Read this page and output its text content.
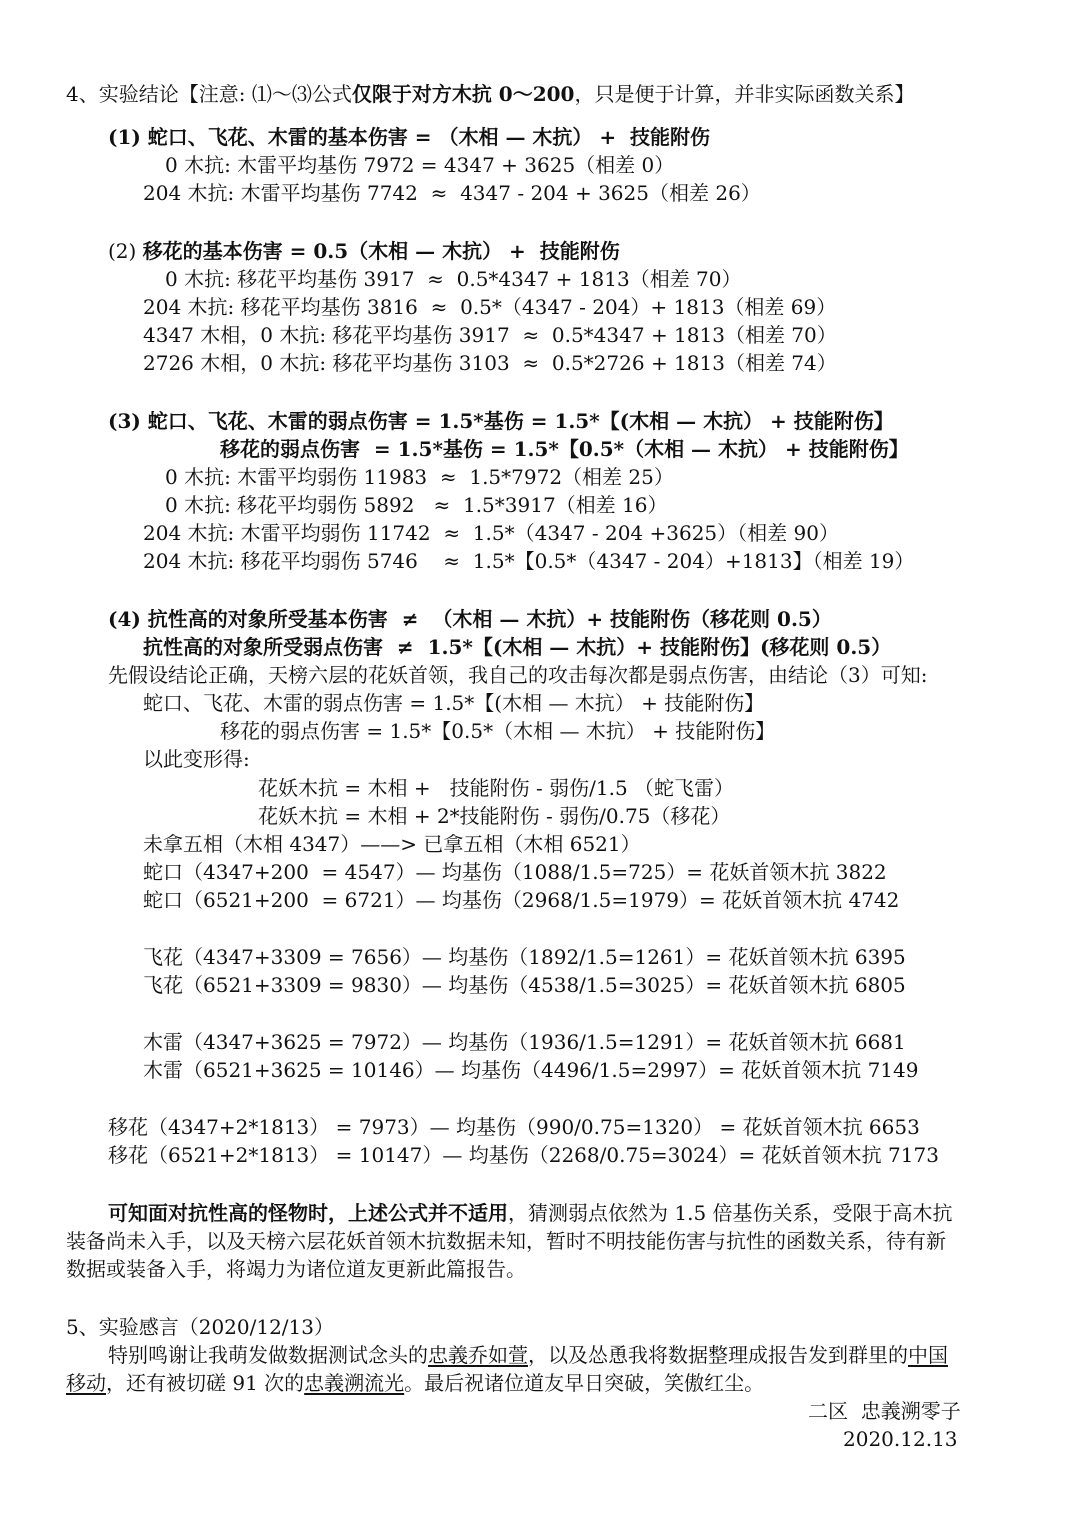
4、实验结论【注意: ⑴～⑶公式仅限于对方木抗 0～200，只是便于计算，并非实际函数关系】
(1) 蛇口、飞花、木雷的基本伤害 = （木相 — 木抗） +  技能附伤
0 木抗: 木雷平均基伤 7972 = 4347 + 3625（相差 0）
204 木抗: 木雷平均基伤 7742  ≈  4347 - 204 + 3625（相差 26）
(2) 移花的基本伤害 = 0.5（木相 — 木抗） +  技能附伤
0 木抗: 移花平均基伤 3917  ≈  0.5*4347 + 1813（相差 70）
204 木抗: 移花平均基伤 3816  ≈  0.5*（4347 - 204）+ 1813（相差 69）
4347 木相，0 木抗: 移花平均基伤 3917  ≈  0.5*4347 + 1813（相差 70）
2726 木相，0 木抗: 移花平均基伤 3103  ≈  0.5*2726 + 1813（相差 74）
(3) 蛇口、飞花、木雷的弱点伤害 = 1.5*基伤 = 1.5*【(木相 — 木抗） + 技能附伤】
移花的弱点伤害  = 1.5*基伤 = 1.5*【0.5*（木相 — 木抗） + 技能附伤】
0 木抗: 木雷平均弱伤 11983  ≈  1.5*7972（相差 25）
0 木抗: 移花平均弱伤 5892   ≈  1.5*3917（相差 16）
204 木抗: 木雷平均弱伤 11742  ≈  1.5*（4347 - 204 +3625）（相差 90）
204 木抗: 移花平均弱伤 5746    ≈  1.5*【0.5*（4347 - 204）+1813】（相差 19）
(4) 抗性高的对象所受基本伤害  ≠  （木相 — 木抗）+ 技能附伤（移花则 0.5）
抗性高的对象所受弱点伤害  ≠  1.5*【(木相 — 木抗）+ 技能附伤】(移花则 0.5）
先假设结论正确，天榜六层的花妖首领，我自己的攻击每次都是弱点伤害，由结论（3）可知:
蛇口、飞花、木雷的弱点伤害 = 1.5*【(木相 — 木抗） + 技能附伤】
移花的弱点伤害 = 1.5*【0.5*（木相 — 木抗） + 技能附伤】
以此变形得:
花妖木抗 = 木相 +   技能附伤 - 弱伤/1.5 （蛇飞雷）
花妖木抗 = 木相 + 2*技能附伤 - 弱伤/0.75（移花）
未拿五相（木相 4347）——> 已拿五相（木相 6521）
蛇口（4347+200  = 4547）— 均基伤（1088/1.5=725）= 花妖首领木抗 3822
蛇口（6521+200  = 6721）— 均基伤（2968/1.5=1979）= 花妖首领木抗 4742
飞花（4347+3309 = 7656）— 均基伤（1892/1.5=1261）= 花妖首领木抗 6395
飞花（6521+3309 = 9830）— 均基伤（4538/1.5=3025）= 花妖首领木抗 6805
木雷（4347+3625 = 7972）— 均基伤（1936/1.5=1291）= 花妖首领木抗 6681
木雷（6521+3625 = 10146）— 均基伤（4496/1.5=2997）= 花妖首领木抗 7149
移花（4347+2*1813） = 7973）— 均基伤（990/0.75=1320） = 花妖首领木抗 6653
移花（6521+2*1813） = 10147）— 均基伤（2268/0.75=3024）= 花妖首领木抗 7173
可知面对抗性高的怪物时，上述公式并不适用，猜测弱点依然为 1.5 倍基伤关系，受限于高木抗
装备尚未入手，以及天榜六层花妖首领木抗数据未知，暂时不明技能伤害与抗性的函数关系，待有新
数据或装备入手，将竭力为诸位道友更新此篇报告。
5、实验感言（2020/12/13）
特别鸣谢让我萌发做数据测试念头的忠義乔如萱，以及怂恿我将数据整理成报告发到群里的中国
移动，还有被切磋 91 次的忠義溯流光。最后祝诸位道友早日突破，笑傲红尘。
二区  忠義溯零子
2020.12.13
